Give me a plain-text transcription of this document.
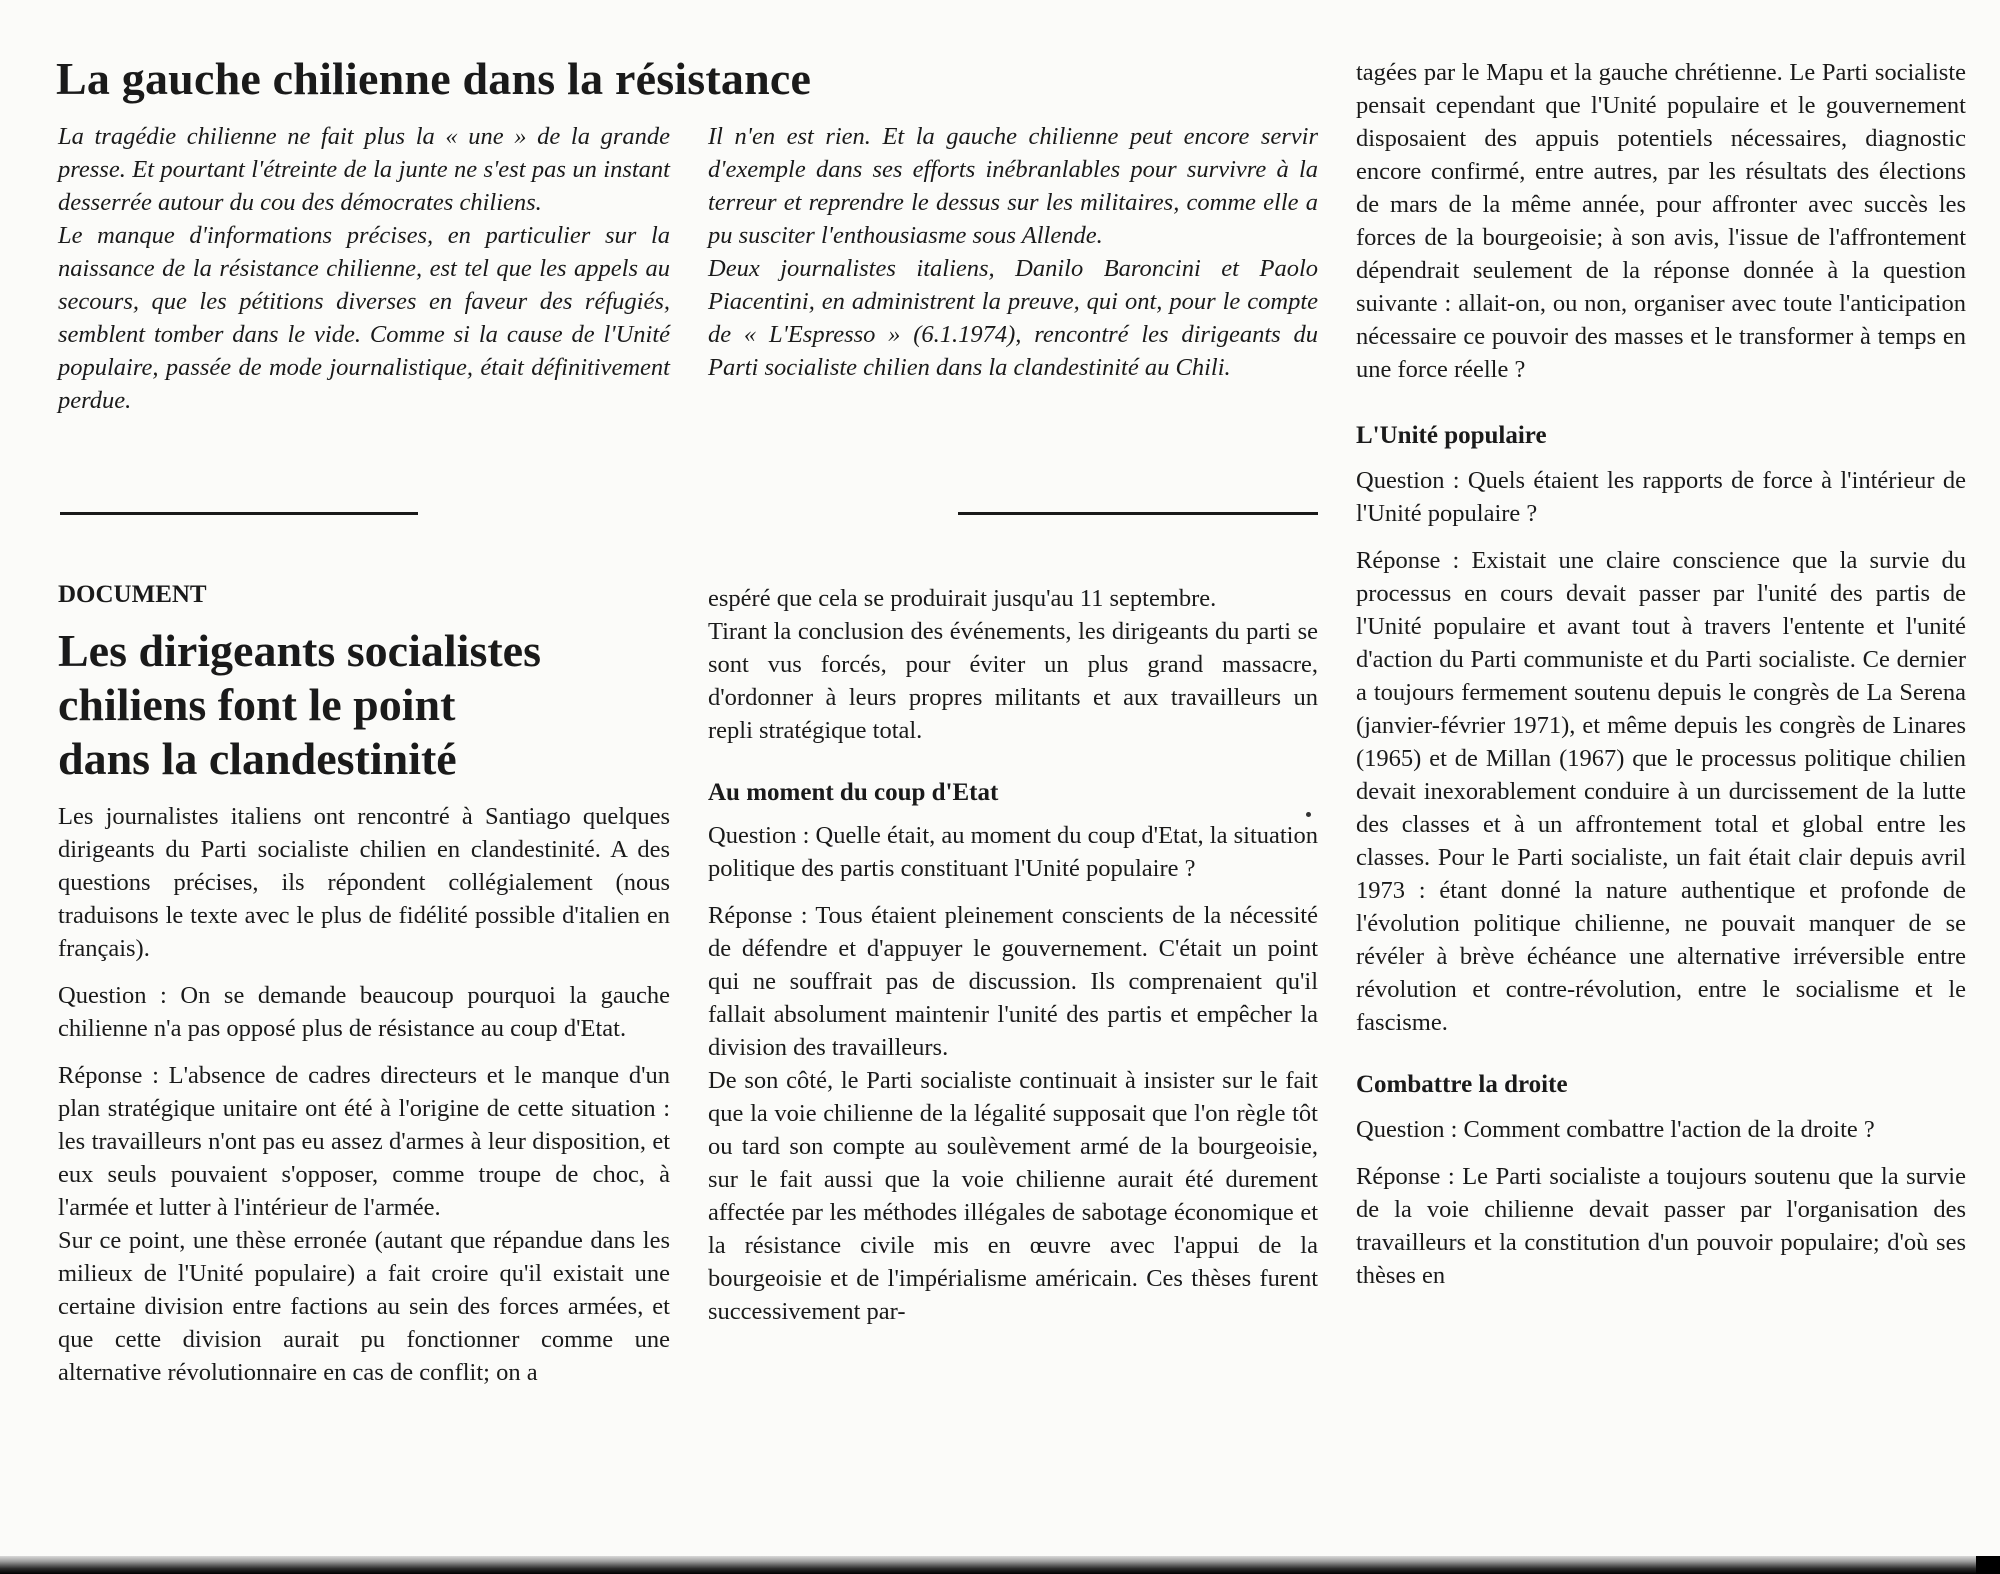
La gauche chilienne dans la résistance

La tragédie chilienne ne fait plus la « une » de la grande presse. Et pourtant l'étreinte de la junte ne s'est pas un instant desserrée autour du cou des démocrates chiliens.

Le manque d'informations précises, en particulier sur la naissance de la résistance chilienne, est tel que les appels au secours, que les pétitions diverses en faveur des réfugiés, semblent tomber dans le vide. Comme si la cause de l'Unité populaire, passée de mode journalistique, était définitivement perdue.

Il n'en est rien. Et la gauche chilienne peut encore servir d'exemple dans ses efforts inébranlables pour survivre à la terreur et reprendre le dessus sur les militaires, comme elle a pu susciter l'enthousiasme sous Allende.

Deux journalistes italiens, Danilo Baroncini et Paolo Piacentini, en administrent la preuve, qui ont, pour le compte de « L'Espresso » (6.1.1974), rencontré les dirigeants du Parti socialiste chilien dans la clandestinité au Chili.

DOCUMENT

Les dirigeants socialistes
chiliens font le point
dans la clandestinité

Les journalistes italiens ont rencontré à Santiago quelques dirigeants du Parti socialiste chilien en clandestinité. A des questions précises, ils répondent collégialement (nous traduisons le texte avec le plus de fidélité possible d'italien en français).

Question : On se demande beaucoup pourquoi la gauche chilienne n'a pas opposé plus de résistance au coup d'Etat.

Réponse : L'absence de cadres directeurs et le manque d'un plan stratégique unitaire ont été à l'origine de cette situation : les travailleurs n'ont pas eu assez d'armes à leur disposition, et eux seuls pouvaient s'opposer, comme troupe de choc, à l'armée et lutter à l'intérieur de l'armée.

Sur ce point, une thèse erronée (autant que répandue dans les milieux de l'Unité populaire) a fait croire qu'il existait une certaine division entre factions au sein des forces armées, et que cette division aurait pu fonctionner comme une alternative révolutionnaire en cas de conflit; on a

espéré que cela se produirait jusqu'au 11 septembre.

Tirant la conclusion des événements, les dirigeants du parti se sont vus forcés, pour éviter un plus grand massacre, d'ordonner à leurs propres militants et aux travailleurs un repli stratégique total.

Au moment du coup d'Etat

Question : Quelle était, au moment du coup d'Etat, la situation politique des partis constituant l'Unité populaire ?

Réponse : Tous étaient pleinement conscients de la nécessité de défendre et d'appuyer le gouvernement. C'était un point qui ne souffrait pas de discussion. Ils comprenaient qu'il fallait absolument maintenir l'unité des partis et empêcher la division des travailleurs.

De son côté, le Parti socialiste continuait à insister sur le fait que la voie chilienne de la légalité supposait que l'on règle tôt ou tard son compte au soulèvement armé de la bourgeoisie, sur le fait aussi que la voie chilienne aurait été durement affectée par les méthodes illégales de sabotage économique et la résistance civile mis en œuvre avec l'appui de la bourgeoisie et de l'impérialisme américain. Ces thèses furent successivement par-

tagées par le Mapu et la gauche chrétienne. Le Parti socialiste pensait cependant que l'Unité populaire et le gouvernement disposaient des appuis potentiels nécessaires, diagnostic encore confirmé, entre autres, par les résultats des élections de mars de la même année, pour affronter avec succès les forces de la bourgeoisie; à son avis, l'issue de l'affrontement dépendrait seulement de la réponse donnée à la question suivante : allait-on, ou non, organiser avec toute l'anticipation nécessaire ce pouvoir des masses et le transformer à temps en une force réelle ?

L'Unité populaire

Question : Quels étaient les rapports de force à l'intérieur de l'Unité populaire ?

Réponse : Existait une claire conscience que la survie du processus en cours devait passer par l'unité des partis de l'Unité populaire et avant tout à travers l'entente et l'unité d'action du Parti communiste et du Parti socialiste. Ce dernier a toujours fermement soutenu depuis le congrès de La Serena (janvier-février 1971), et même depuis les congrès de Linares (1965) et de Millan (1967) que le processus politique chilien devait inexorablement conduire à un durcissement de la lutte des classes et à un affrontement total et global entre les classes. Pour le Parti socialiste, un fait était clair depuis avril 1973 : étant donné la nature authentique et profonde de l'évolution politique chilienne, ne pouvait manquer de se révéler à brève échéance une alternative irréversible entre révolution et contre-révolution, entre le socialisme et le fascisme.

Combattre la droite

Question : Comment combattre l'action de la droite ?

Réponse : Le Parti socialiste a toujours soutenu que la survie de la voie chilienne devait passer par l'organisation des travailleurs et la constitution d'un pouvoir populaire; d'où ses thèses en
